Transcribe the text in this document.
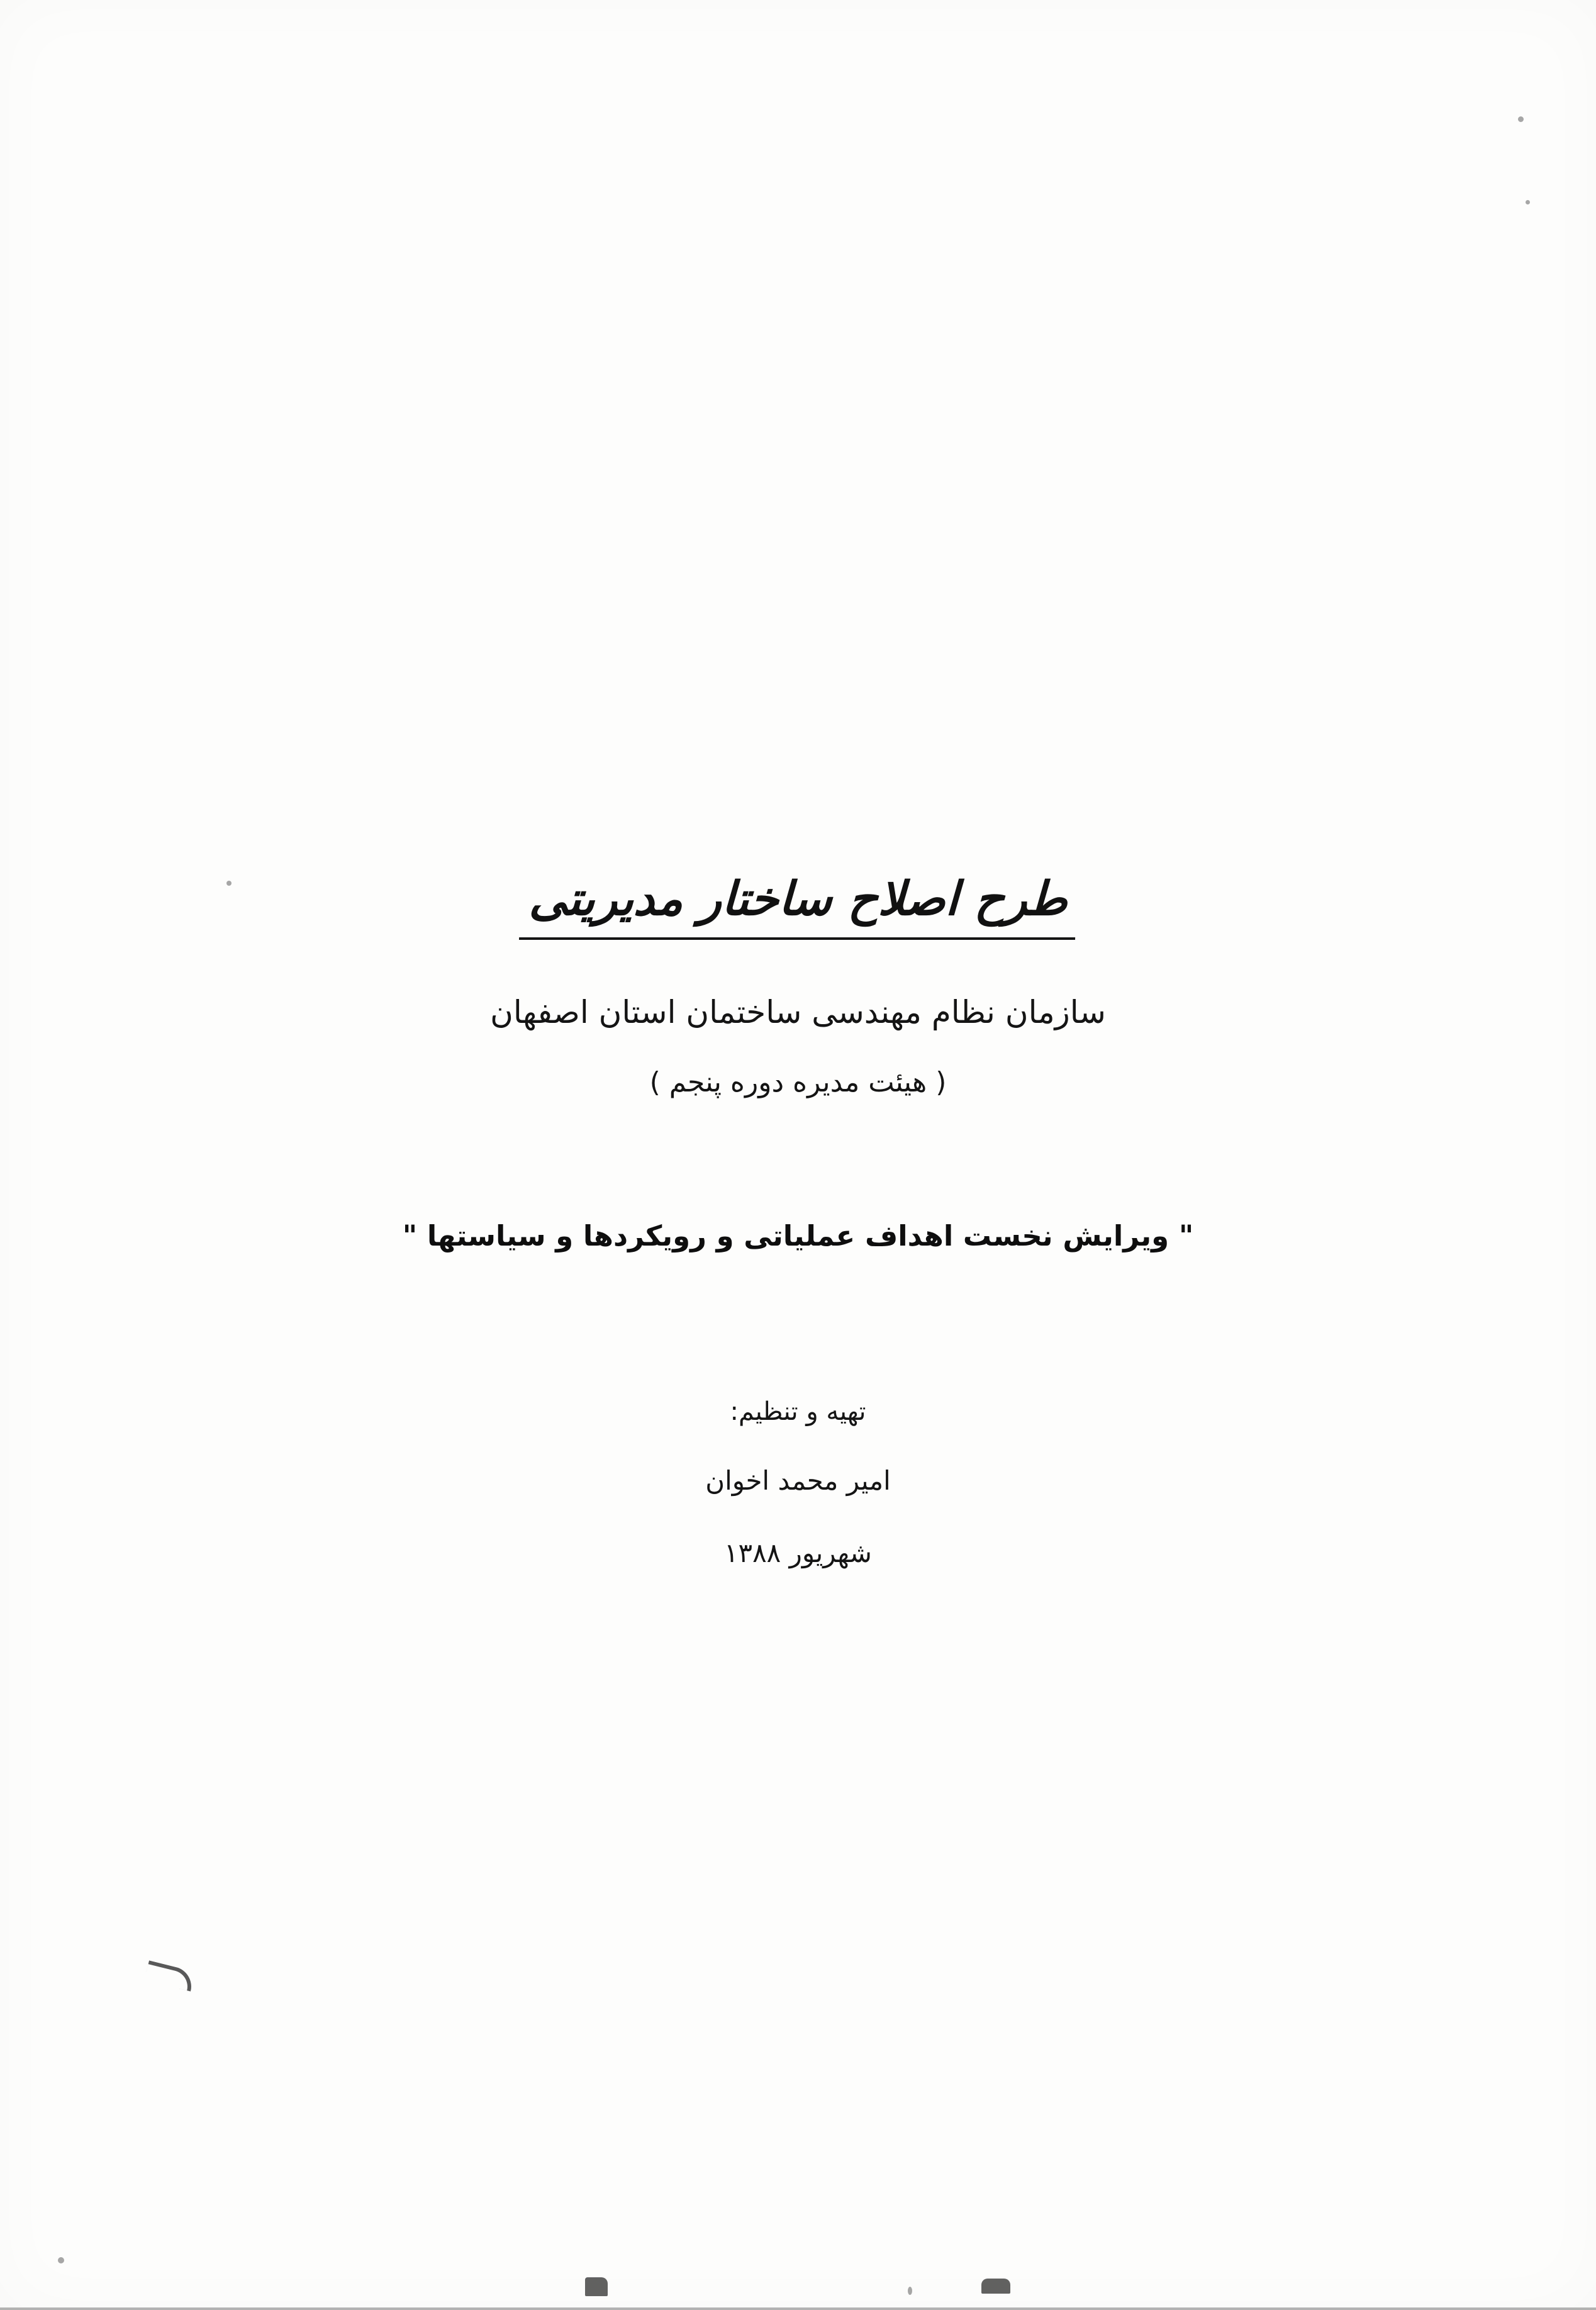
طرح اصلاح ساختار مدیریتی
سازمان نظام مهندسی ساختمان استان اصفهان
( هیئت مدیره دوره پنجم )
" ویرایش نخست اهداف عملیاتی و رویکردها و سیاستها "
تهیه و تنظیم:
امیر محمد اخوان
شهریور ۱۳۸۸
